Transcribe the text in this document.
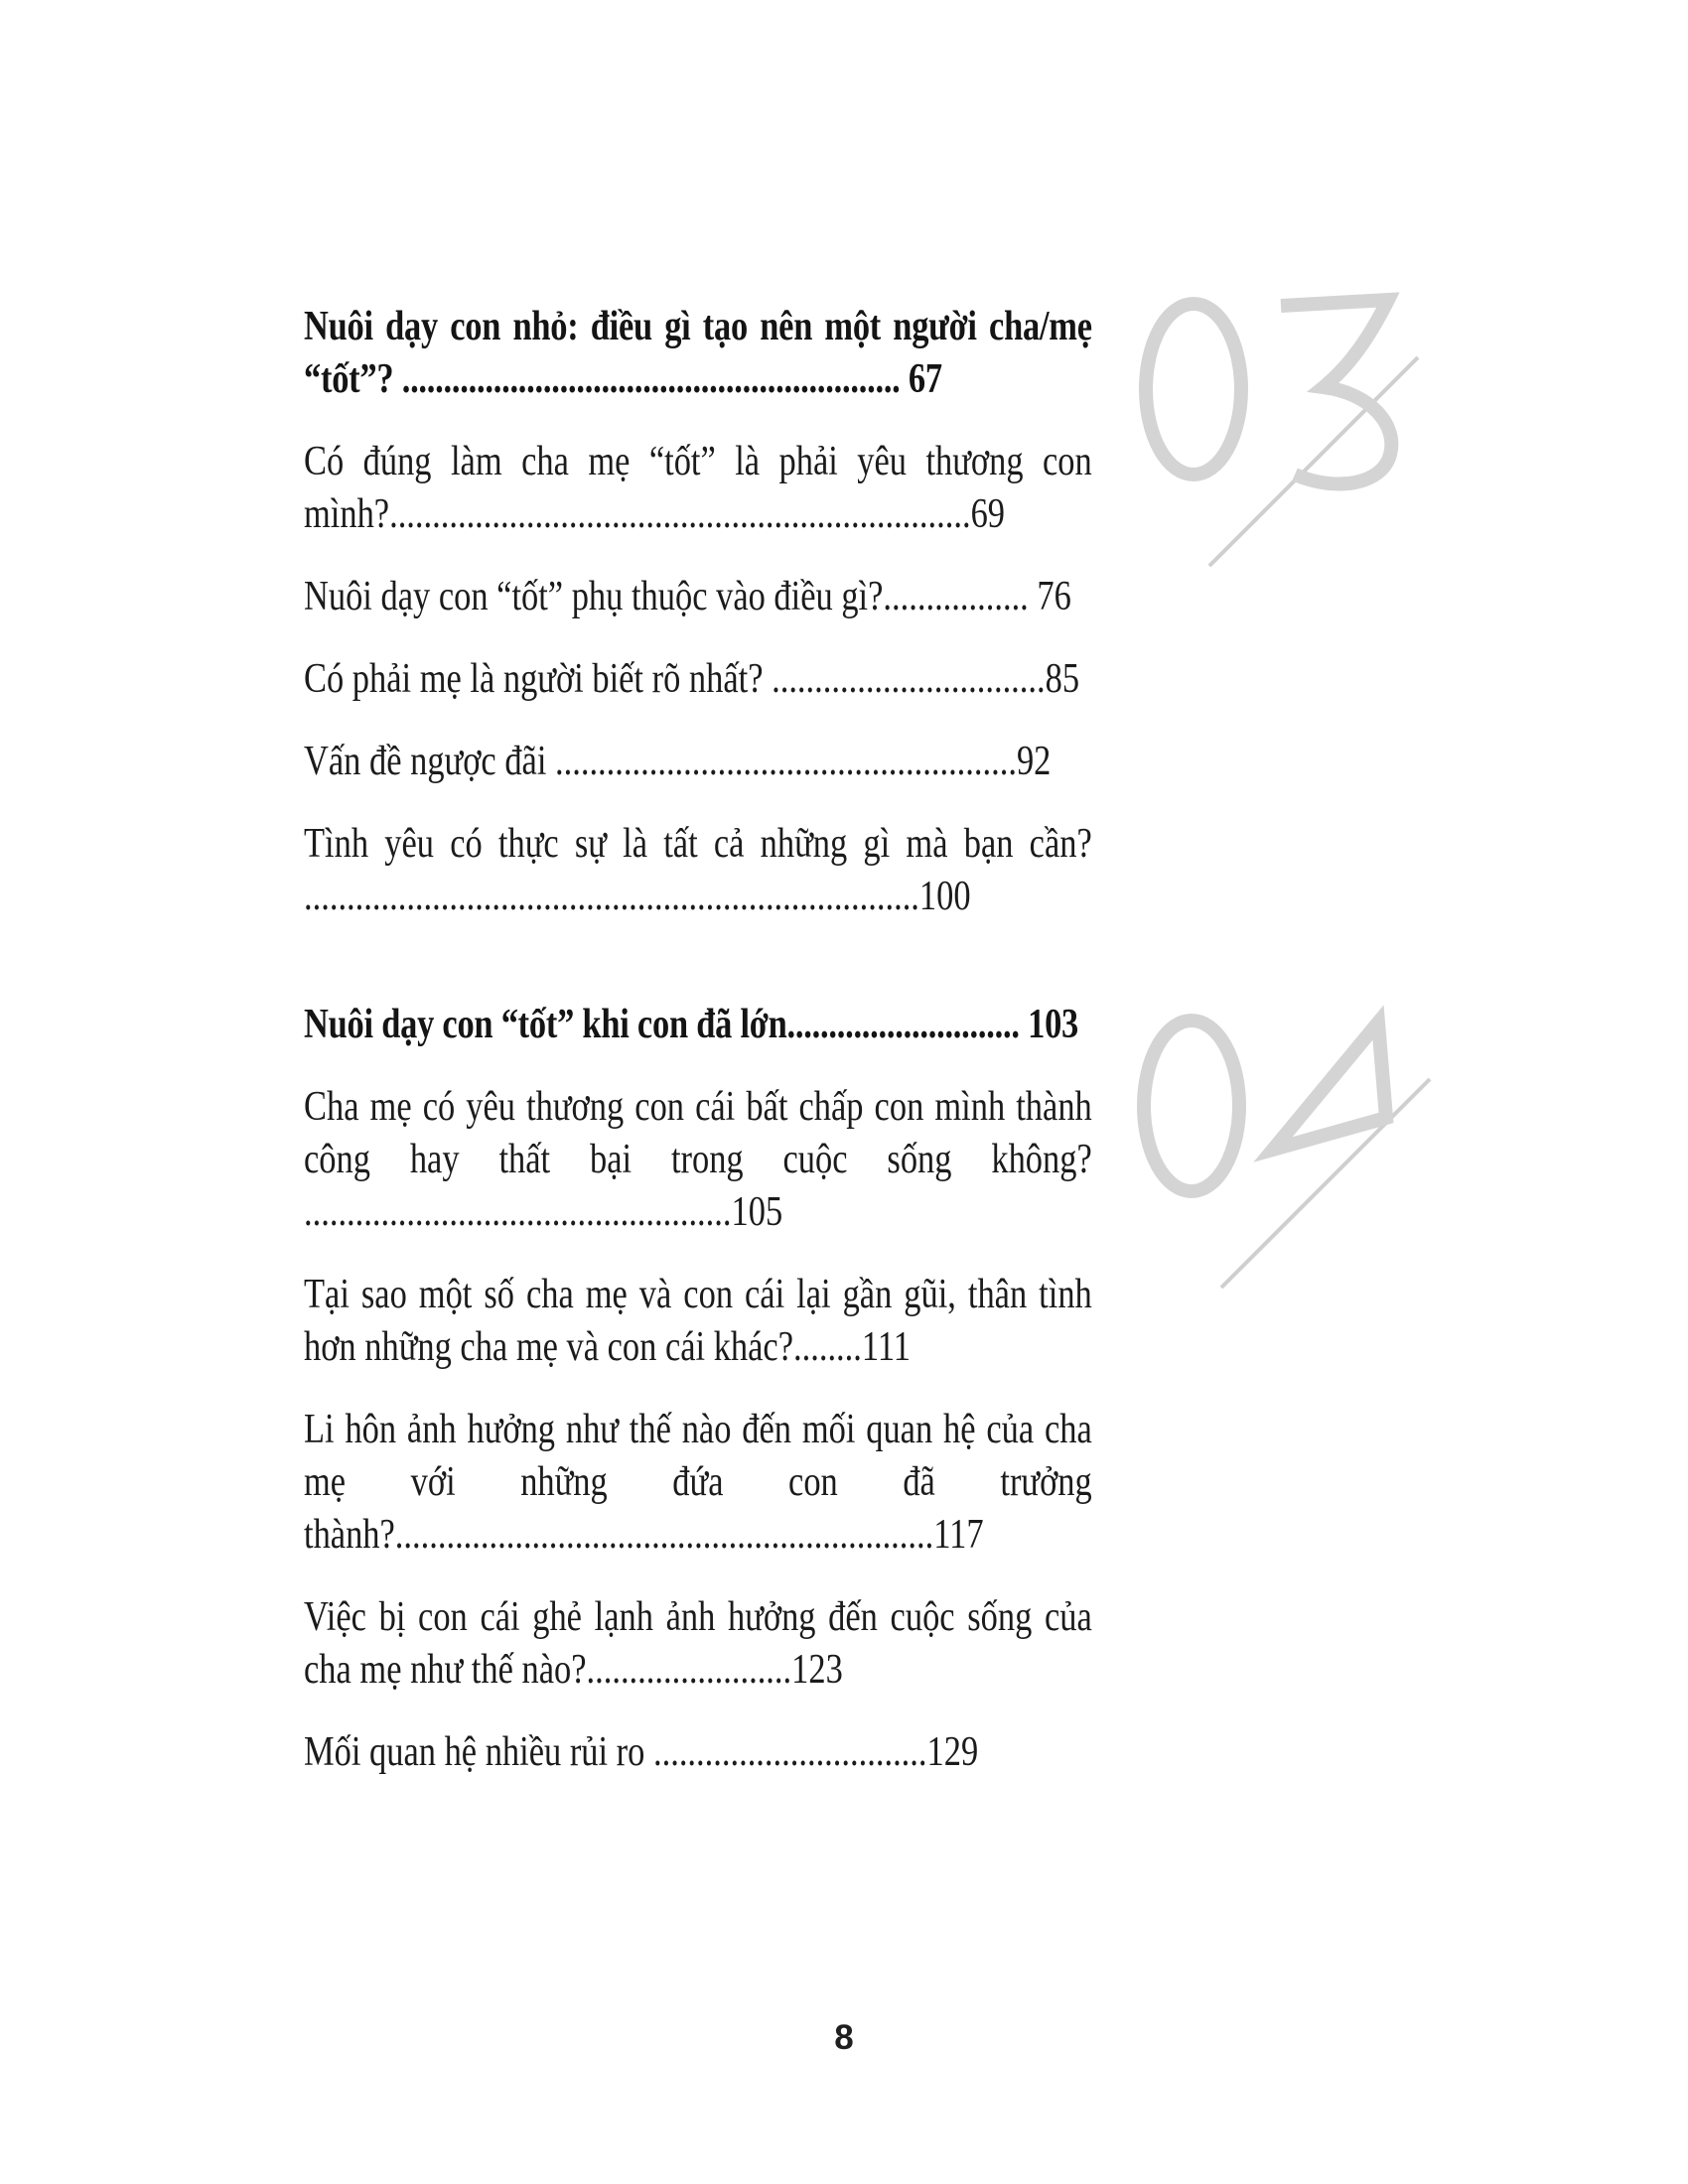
Nuôi dạy con nhỏ: điều gì tạo nên một người cha/mẹ “tốt”? ............................................................ 67

Có đúng làm cha mẹ “tốt” là phải yêu thương con mình?....................................................................69

Nuôi dạy con “tốt” phụ thuộc vào điều gì?................. 76

Có phải mẹ là người biết rõ nhất? ................................85

Vấn đề ngược đãi ......................................................92

Tình yêu có thực sự là tất cả những gì mà bạn cần? ........................................................................100

Nuôi dạy con “tốt” khi con đã lớn............................ 103

Cha mẹ có yêu thương con cái bất chấp con mình thành công hay thất bại trong cuộc sống không? ..................................................105

Tại sao một số cha mẹ và con cái lại gần gũi, thân tình hơn những cha mẹ và con cái khác?........111

Li hôn ảnh hưởng như thế nào đến mối quan hệ của cha mẹ với những đứa con đã trưởng thành?...............................................................117

Việc bị con cái ghẻ lạnh ảnh hưởng đến cuộc sống của cha mẹ như thế nào?........................123

Mối quan hệ nhiều rủi ro ................................129

8
